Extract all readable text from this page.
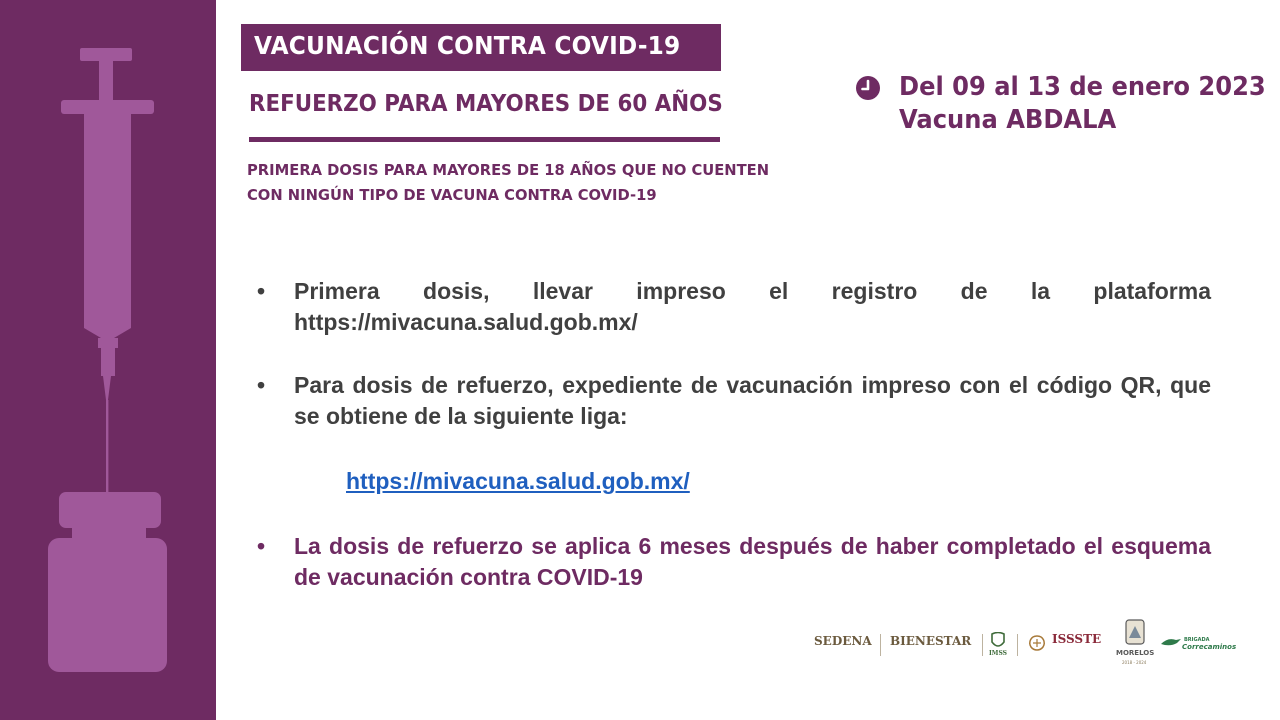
VACUNACIÓN CONTRA COVID-19
REFUERZO PARA MAYORES DE 60 AÑOS
PRIMERA DOSIS PARA MAYORES DE 18 AÑOS QUE NO CUENTEN
CON NINGÚN TIPO DE VACUNA CONTRA COVID-19
Del 09 al 13 de enero 2023
Vacuna ABDALA
• Primera dosis, llevar impreso el registro de la plataforma https://mivacuna.salud.gob.mx/
• Para dosis de refuerzo, expediente de vacunación impreso con el código QR, que se obtiene de la siguiente liga:
https://mivacuna.salud.gob.mx/
• La dosis de refuerzo se aplica 6 meses después de haber completado el esquema de vacunación contra COVID-19
SEDENA BIENESTAR
IMSS
ISSSTE
MORELOS
2018 - 2024
BRIGADA
Correcaminos
